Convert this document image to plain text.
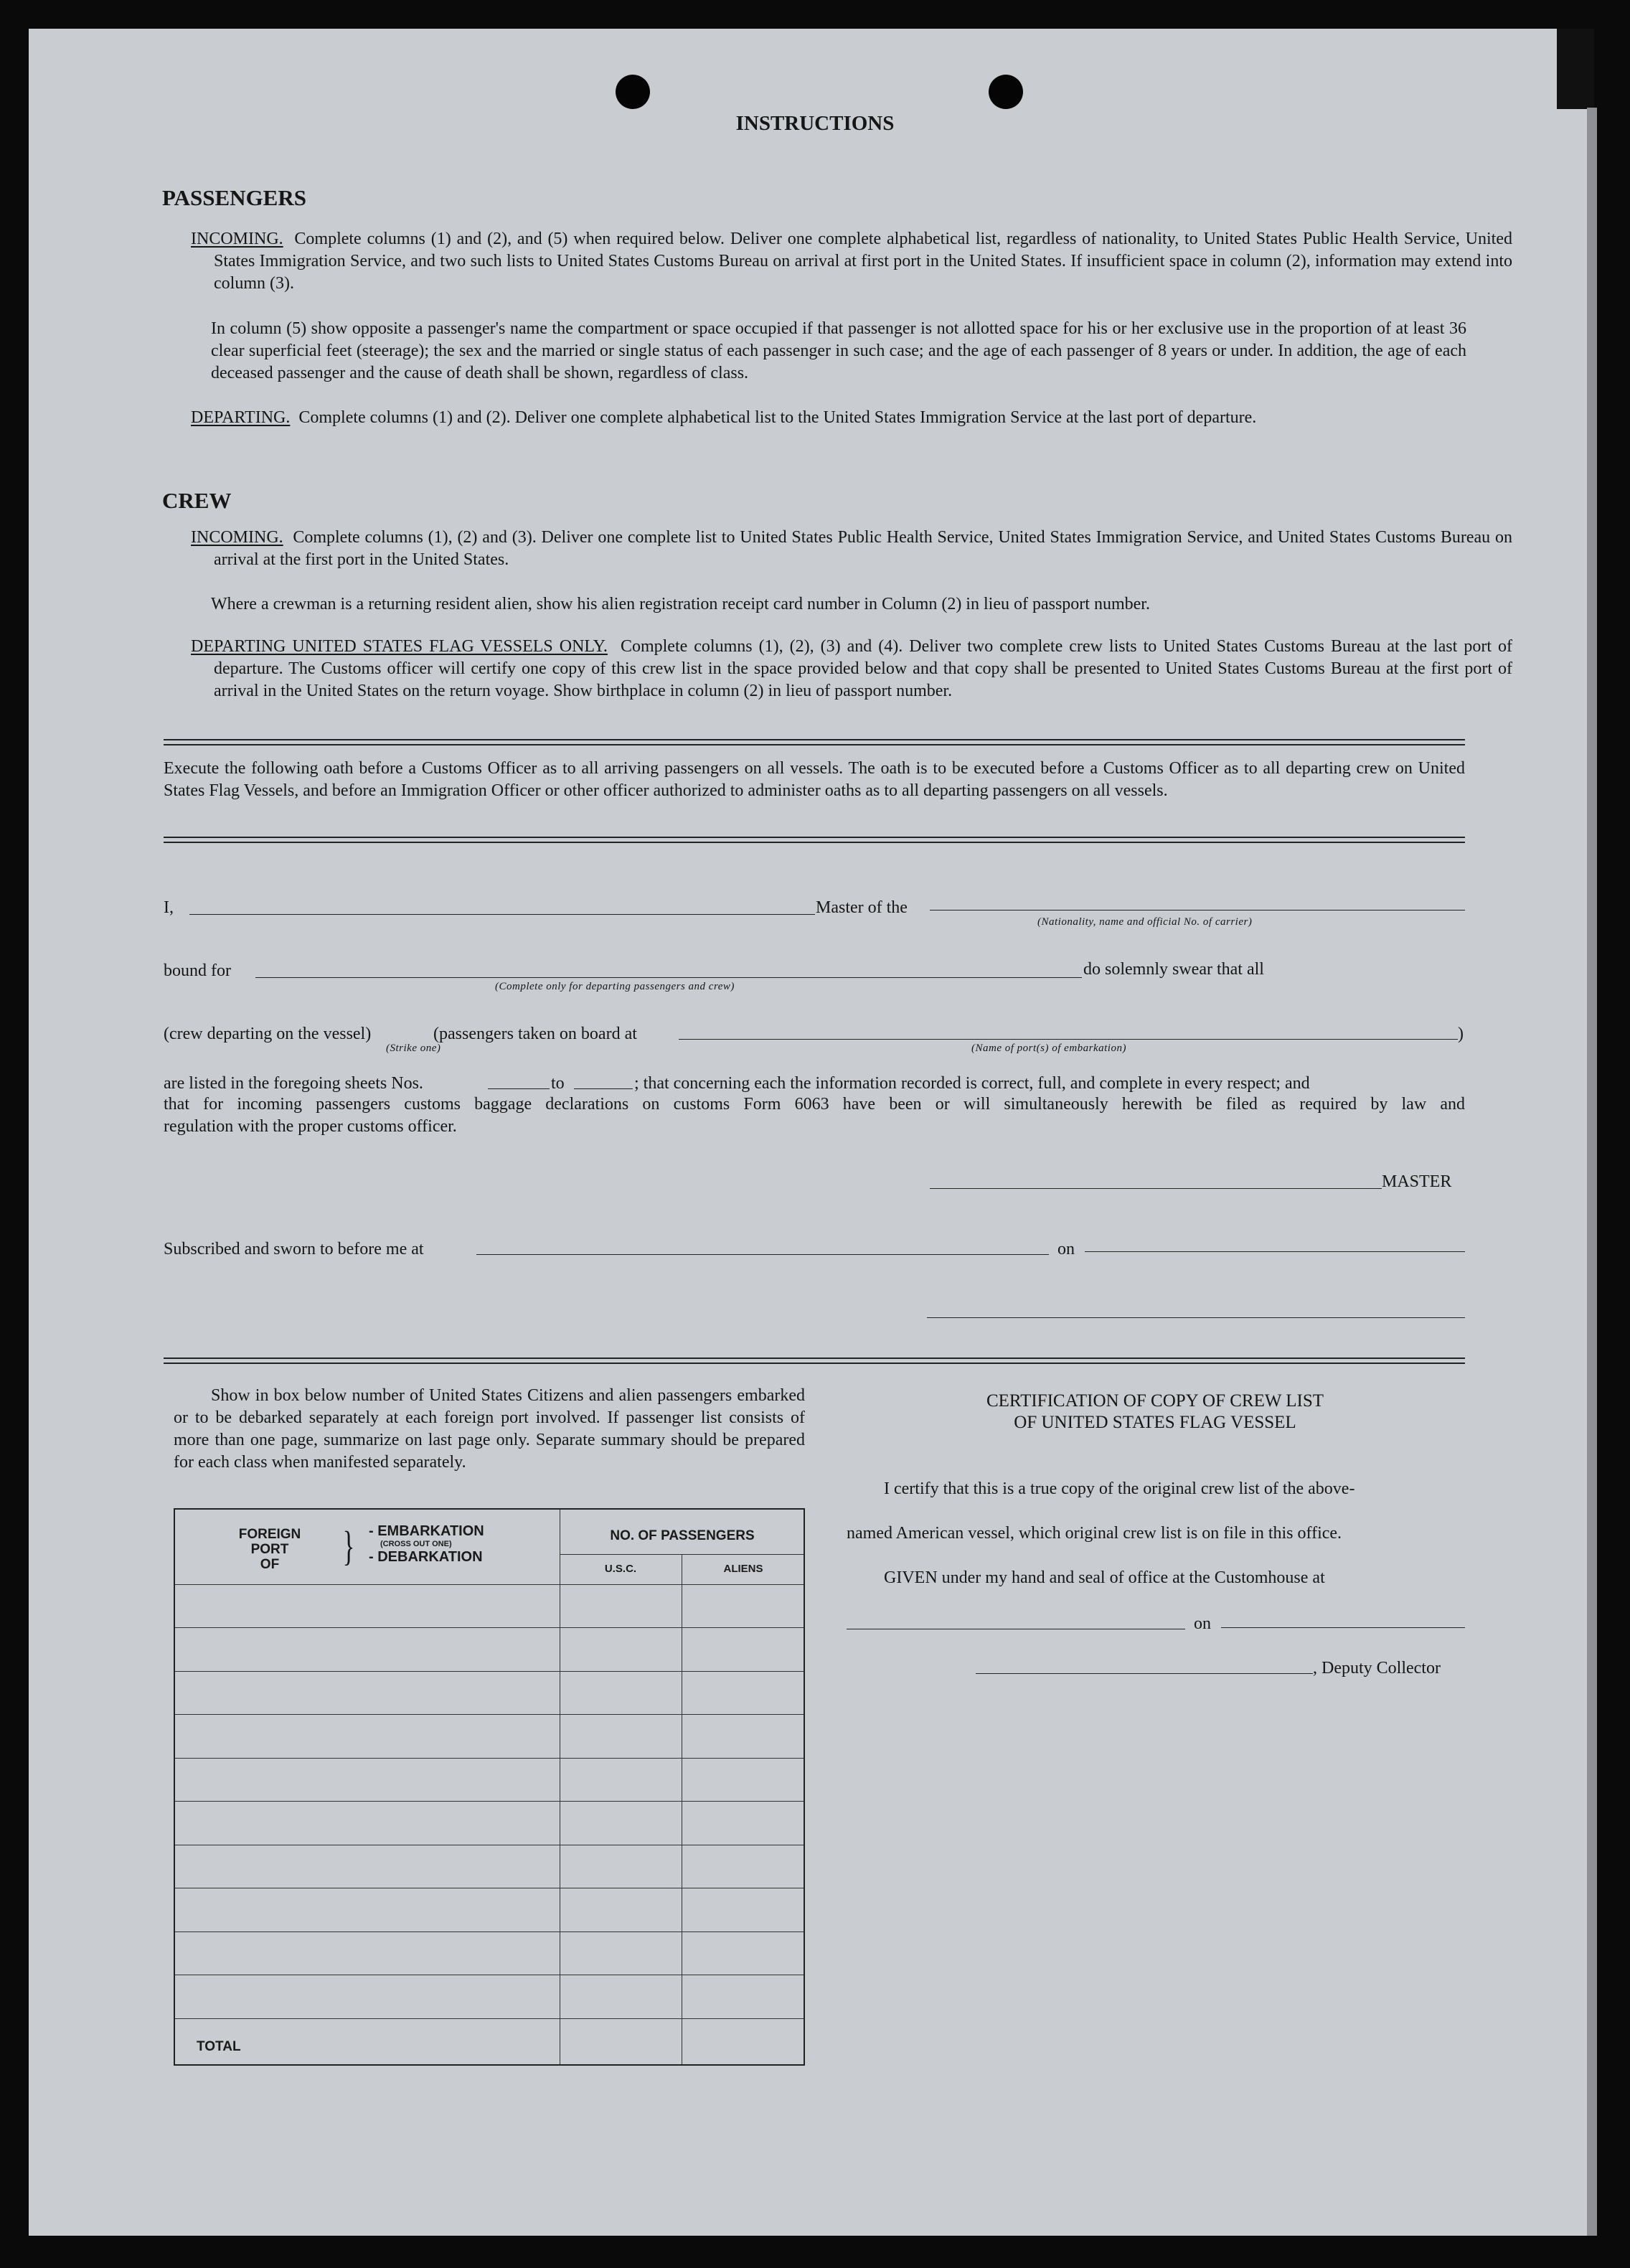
INSTRUCTIONS
PASSENGERS
INCOMING. Complete columns (1) and (2), and (5) when required below. Deliver one complete alphabetical list, regardless of nationality, to United States Public Health Service, United States Immigration Service, and two such lists to United States Customs Bureau on arrival at first port in the United States. If insufficient space in column (2), information may extend into column (3).
In column (5) show opposite a passenger's name the compartment or space occupied if that passenger is not allotted space for his or her exclusive use in the proportion of at least 36 clear superficial feet (steerage); the sex and the married or single status of each passenger in such case; and the age of each passenger of 8 years or under. In addition, the age of each deceased passenger and the cause of death shall be shown, regardless of class.
DEPARTING. Complete columns (1) and (2). Deliver one complete alphabetical list to the United States Immigration Service at the last port of departure.
CREW
INCOMING. Complete columns (1), (2) and (3). Deliver one complete list to United States Public Health Service, United States Immigration Service, and United States Customs Bureau on arrival at the first port in the United States.
Where a crewman is a returning resident alien, show his alien registration receipt card number in Column (2) in lieu of passport number.
DEPARTING UNITED STATES FLAG VESSELS ONLY. Complete columns (1), (2), (3) and (4). Deliver two complete crew lists to United States Customs Bureau at the last port of departure. The Customs officer will certify one copy of this crew list in the space provided below and that copy shall be presented to United States Customs Bureau at the first port of arrival in the United States on the return voyage. Show birthplace in column (2) in lieu of passport number.
Execute the following oath before a Customs Officer as to all arriving passengers on all vessels. The oath is to be executed before a Customs Officer as to all departing crew on United States Flag Vessels, and before an Immigration Officer or other officer authorized to administer oaths as to all departing passengers on all vessels.
I,	Master of the
(Nationality, name and official No. of carrier)
bound for
(Complete only for departing passengers and crew)
do solemnly swear that all
(crew departing on the vessel)
(Strike one)
(passengers taken on board at
(Name of port(s) of embarkation)
)
are listed in the foregoing sheets Nos.	to	; that concerning each the information recorded is correct, full, and complete in every respect; and
that for incoming passengers customs baggage declarations on customs Form 6063 have been or will simultaneously herewith be filed as required by law and
regulation with the proper customs officer.
MASTER
Subscribed and sworn to before me at	on
Show in box below number of United States Citizens and alien passengers embarked or to be debarked separately at each foreign port involved. If passenger list consists of more than one page, summarize on last page only. Separate summary should be prepared for each class when manifested separately.
FOREIGN
PORT
OF	} - EMBARKATION
(CROSS OUT ONE)
- DEBARKATION
NO. OF PASSENGERS
U.S.C.	ALIENS
TOTAL
CERTIFICATION OF COPY OF CREW LIST
OF UNITED STATES FLAG VESSEL
I certify that this is a true copy of the original crew list of the above-
named American vessel, which original crew list is on file in this office.
GIVEN under my hand and seal of office at the Customhouse at
on
, Deputy Collector
